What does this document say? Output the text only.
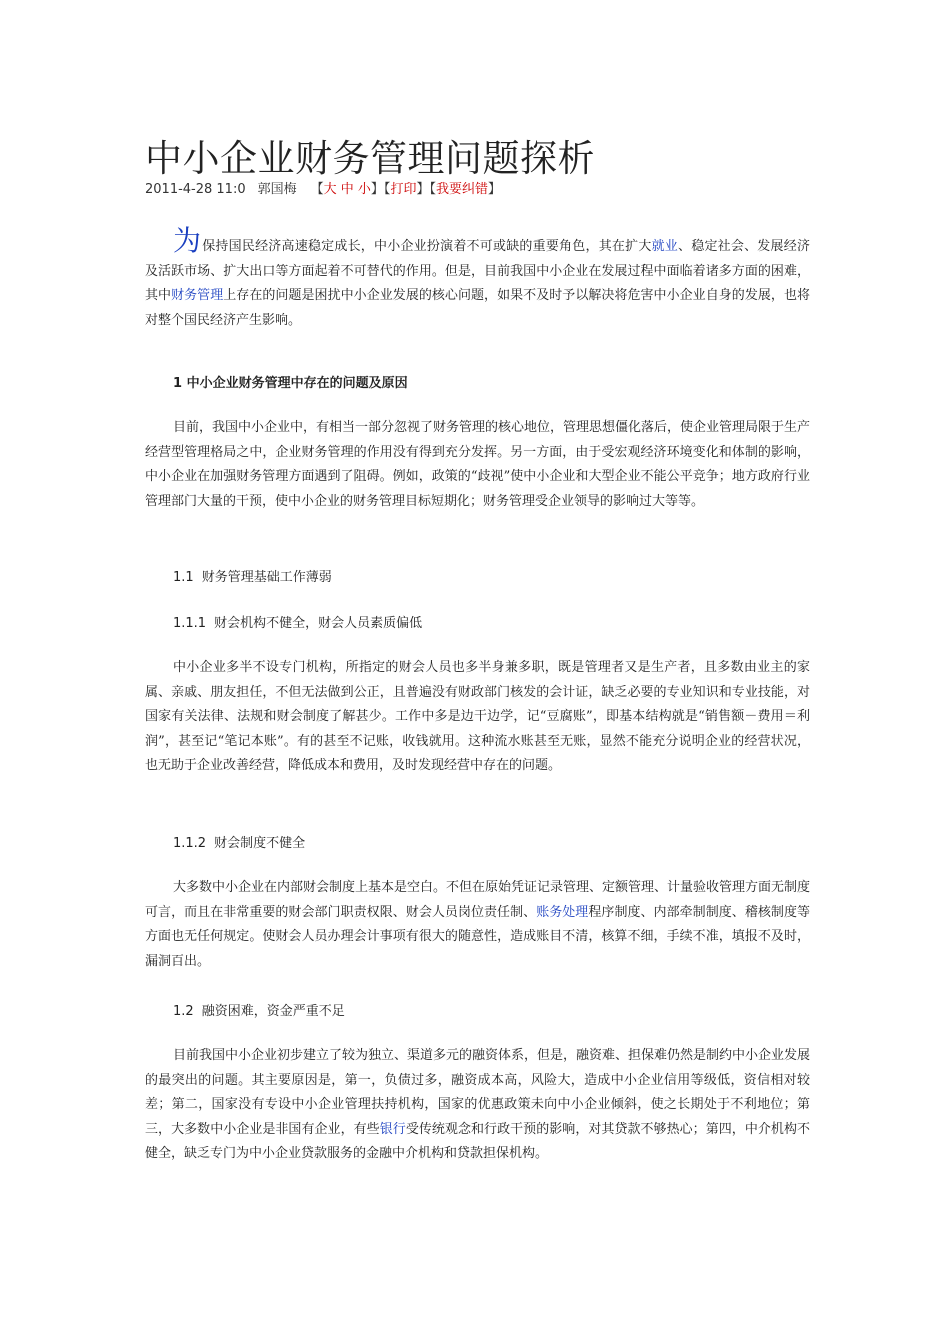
中小企业财务管理问题探析
2011-4-28 11:0 郭国梅 【大 中 小】【打印】【我要纠错】

为保持国民经济高速稳定成长，中小企业扮演着不可或缺的重要角色，其在扩大就业、稳定社会、发展经济及活跃市场、扩大出口等方面起着不可替代的作用。但是，目前我国中小企业在发展过程中面临着诸多方面的困难，其中财务管理上存在的问题是困扰中小企业发展的核心问题，如果不及时予以解决将危害中小企业自身的发展，也将对整个国民经济产生影响。

1 中小企业财务管理中存在的问题及原因

目前，我国中小企业中，有相当一部分忽视了财务管理的核心地位，管理思想僵化落后，使企业管理局限于生产经营型管理格局之中，企业财务管理的作用没有得到充分发挥。另一方面，由于受宏观经济环境变化和体制的影响，中小企业在加强财务管理方面遇到了阻碍。例如，政策的“歧视”使中小企业和大型企业不能公平竞争；地方政府行业管理部门大量的干预，使中小企业的财务管理目标短期化；财务管理受企业领导的影响过大等等。

1.1 财务管理基础工作薄弱

1.1.1 财会机构不健全，财会人员素质偏低

中小企业多半不设专门机构，所指定的财会人员也多半身兼多职，既是管理者又是生产者，且多数由业主的家属、亲戚、朋友担任，不但无法做到公正，且普遍没有财政部门核发的会计证，缺乏必要的专业知识和专业技能，对国家有关法律、法规和财会制度了解甚少。工作中多是边干边学，记“豆腐账”，即基本结构就是“销售额－费用＝利润”，甚至记“笔记本账”。有的甚至不记账，收钱就用。这种流水账甚至无账，显然不能充分说明企业的经营状况，也无助于企业改善经营，降低成本和费用，及时发现经营中存在的问题。

1.1.2 财会制度不健全

大多数中小企业在内部财会制度上基本是空白。不但在原始凭证记录管理、定额管理、计量验收管理方面无制度可言，而且在非常重要的财会部门职责权限、财会人员岗位责任制、账务处理程序制度、内部牵制制度、稽核制度等方面也无任何规定。使财会人员办理会计事项有很大的随意性，造成账目不清，核算不细，手续不准，填报不及时，漏洞百出。

1.2 融资困难，资金严重不足

目前我国中小企业初步建立了较为独立、渠道多元的融资体系，但是，融资难、担保难仍然是制约中小企业发展的最突出的问题。其主要原因是，第一，负债过多，融资成本高，风险大，造成中小企业信用等级低，资信相对较差；第二，国家没有专设中小企业管理扶持机构，国家的优惠政策未向中小企业倾斜，使之长期处于不利地位；第三，大多数中小企业是非国有企业，有些银行受传统观念和行政干预的影响，对其贷款不够热心；第四，中介机构不健全，缺乏专门为中小企业贷款服务的金融中介机构和贷款担保机构。
